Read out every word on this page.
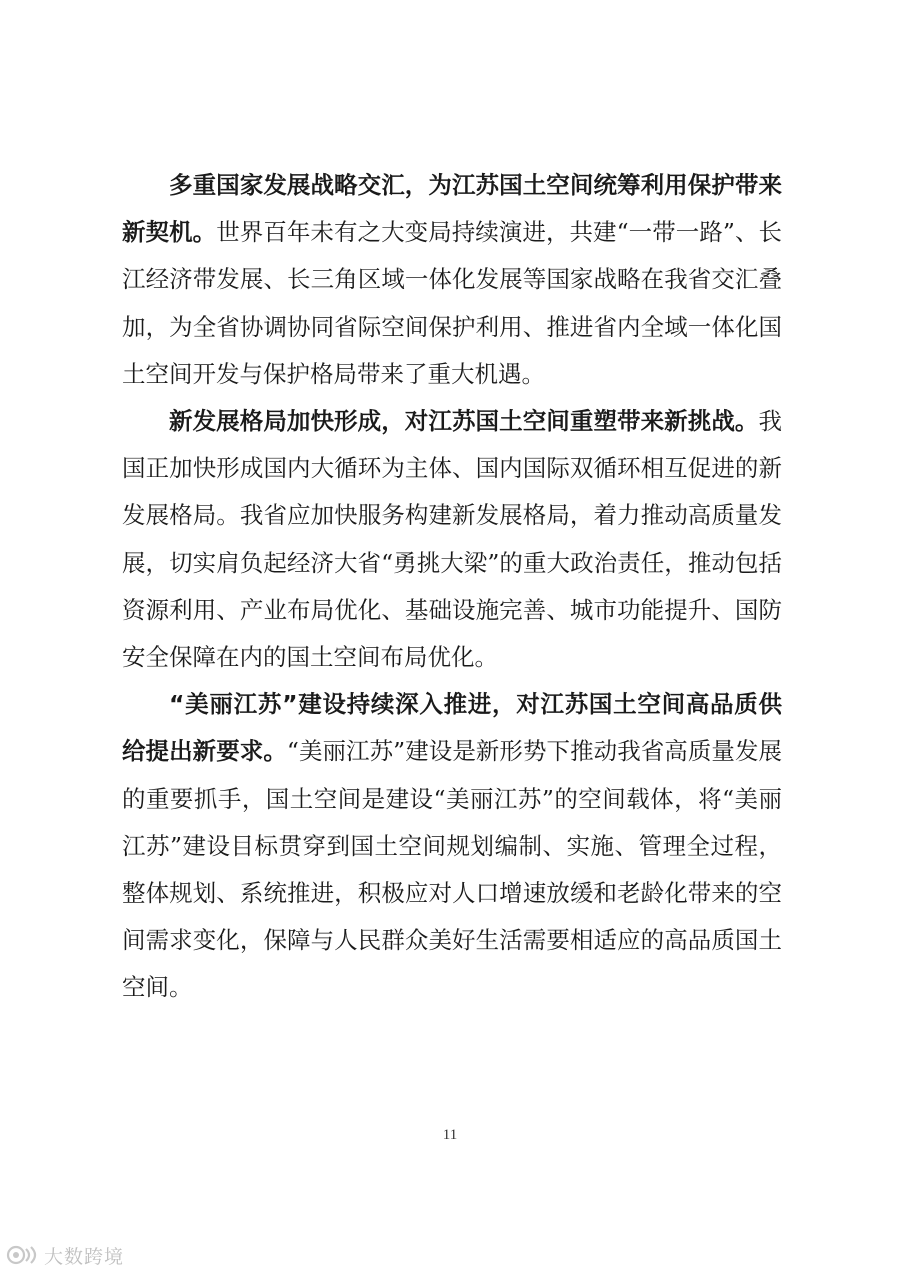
多重国家发展战略交汇，为江苏国土空间统筹利用保护带来新契机。世界百年未有之大变局持续演进，共建“一带一路”、长江经济带发展、长三角区域一体化发展等国家战略在我省交汇叠加，为全省协调协同省际空间保护利用、推进省内全域一体化国土空间开发与保护格局带来了重大机遇。

新发展格局加快形成，对江苏国土空间重塑带来新挑战。我国正加快形成国内大循环为主体、国内国际双循环相互促进的新发展格局。我省应加快服务构建新发展格局，着力推动高质量发展，切实肩负起经济大省“勇挑大梁”的重大政治责任，推动包括资源利用、产业布局优化、基础设施完善、城市功能提升、国防安全保障在内的国土空间布局优化。

“美丽江苏”建设持续深入推进，对江苏国土空间高品质供给提出新要求。“美丽江苏”建设是新形势下推动我省高质量发展的重要抓手，国土空间是建设“美丽江苏”的空间载体，将“美丽江苏”建设目标贯穿到国土空间规划编制、实施、管理全过程，整体规划、系统推进，积极应对人口增速放缓和老龄化带来的空间需求变化，保障与人民群众美好生活需要相适应的高品质国土空间。

11
大数跨境
